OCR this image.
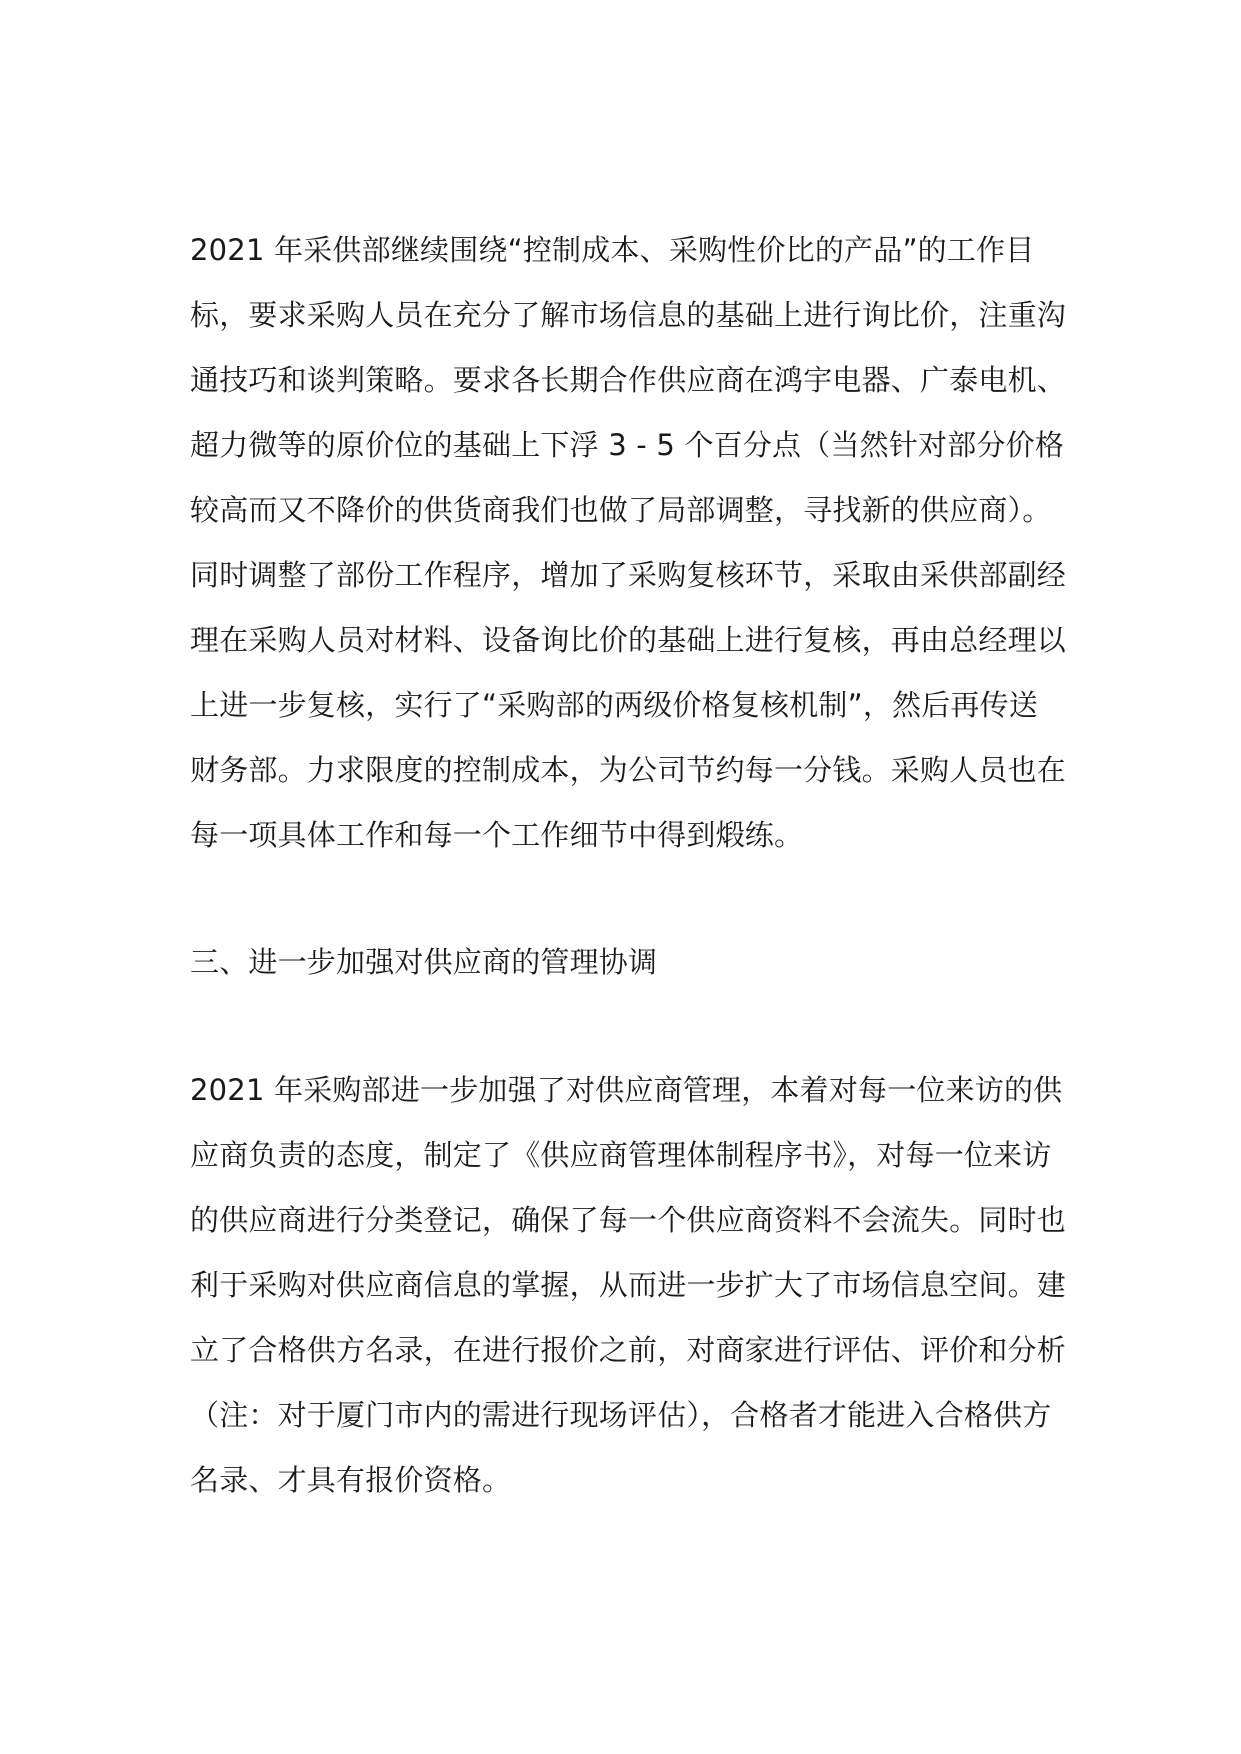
2021 年采供部继续围绕“控制成本、采购性价比的产品”的工作目
标，要求采购人员在充分了解市场信息的基础上进行询比价，注重沟
通技巧和谈判策略。要求各长期合作供应商在鸿宇电器、广泰电机、
超力微等的原价位的基础上下浮 3 - 5 个百分点（当然针对部分价格
较高而又不降价的供货商我们也做了局部调整，寻找新的供应商）。
同时调整了部份工作程序，增加了采购复核环节，采取由采供部副经
理在采购人员对材料、设备询比价的基础上进行复核，再由总经理以
上进一步复核，实行了“采购部的两级价格复核机制”，然后再传送
财务部。力求限度的控制成本，为公司节约每一分钱。采购人员也在
每一项具体工作和每一个工作细节中得到煅练。
三、进一步加强对供应商的管理协调
2021 年采购部进一步加强了对供应商管理，本着对每一位来访的供
应商负责的态度，制定了《供应商管理体制程序书》，对每一位来访
的供应商进行分类登记，确保了每一个供应商资料不会流失。同时也
利于采购对供应商信息的掌握，从而进一步扩大了市场信息空间。建
立了合格供方名录，在进行报价之前，对商家进行评估、评价和分析
（注：对于厦门市内的需进行现场评估），合格者才能进入合格供方
名录、才具有报价资格。
